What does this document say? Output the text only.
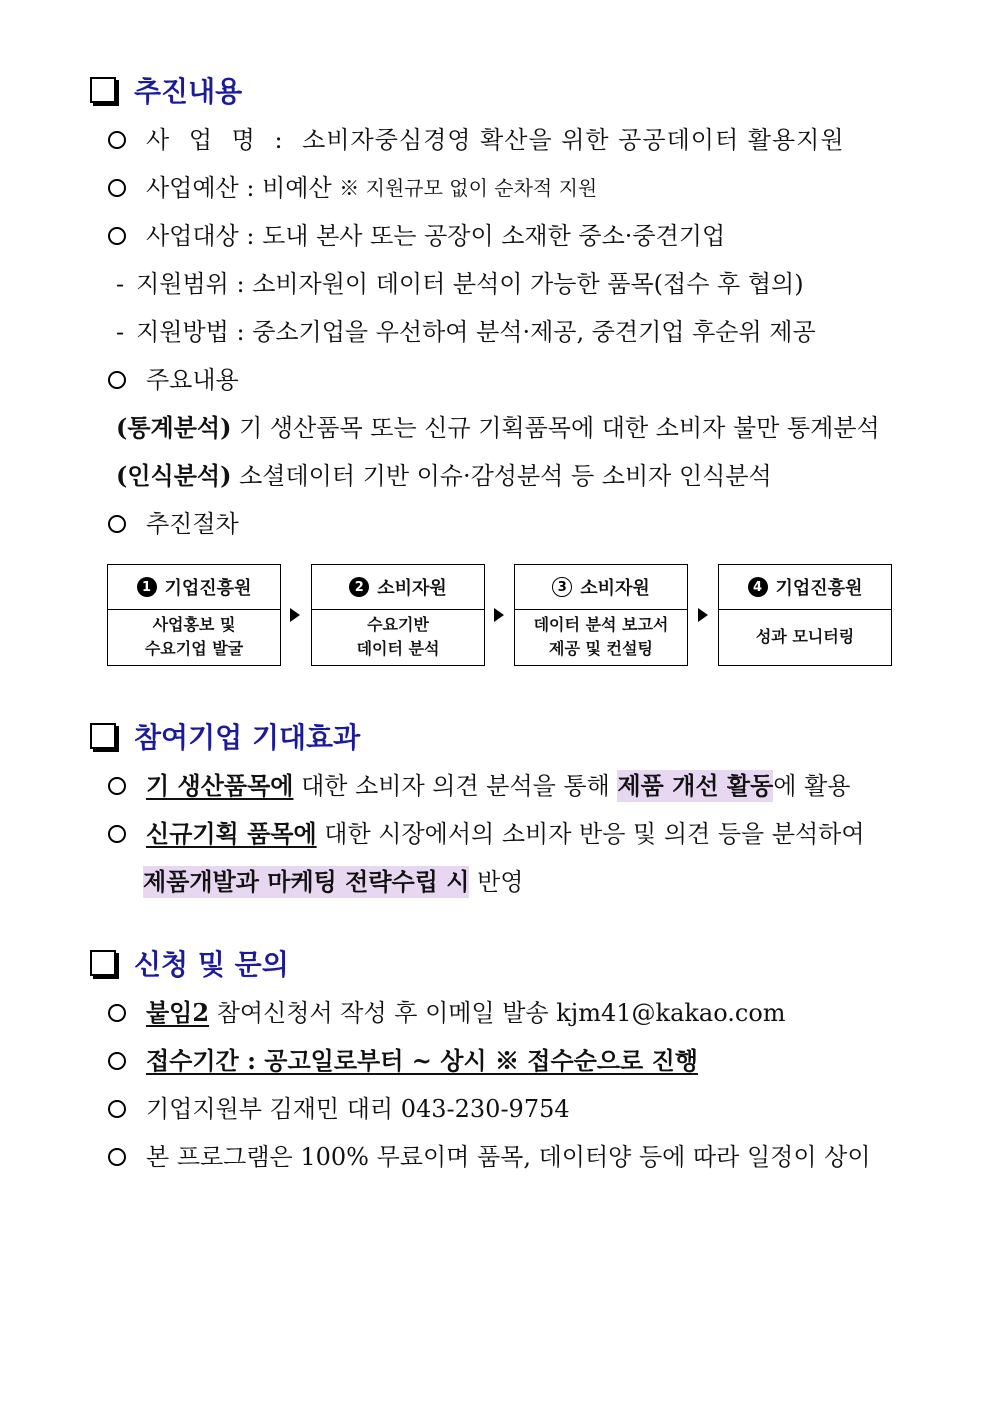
추진내용
사 업 명 : 소비자중심경영 확산을 위한 공공데이터 활용지원
사업예산 : 비예산 ※ 지원규모 없이 순차적 지원
사업대상 : 도내 본사 또는 공장이 소재한 중소·중견기업
- 지원범위 : 소비자원이 데이터 분석이 가능한 품목(접수 후 협의)
- 지원방법 : 중소기업을 우선하여 분석·제공, 중견기업 후순위 제공
주요내용
(통계분석) 기 생산품목 또는 신규 기획품목에 대한 소비자 불만 통계분석
(인식분석) 소셜데이터 기반 이슈·감성분석 등 소비자 인식분석
추진절차
1 기업진흥원
사업홍보 및
수요기업 발굴
2 소비자원
수요기반
데이터 분석
3 소비자원
데이터 분석 보고서
제공 및 컨설팅
4 기업진흥원
성과 모니터링
참여기업 기대효과
기 생산품목에 대한 소비자 의견 분석을 통해 제품 개선 활동 에 활용
신규기획 품목에 대한 시장에서의 소비자 반응 및 의견 등을 분석하여
제품개발과 마케팅 전략수립 시 반영
신청 및 문의
붙임2 참여신청서 작성 후 이메일 발송 kjm41@kakao.com
접수기간 : 공고일로부터 ~ 상시 ※ 접수순으로 진행
기업지원부 김재민 대리 043-230-9754
본 프로그램은 100% 무료이며 품목, 데이터양 등에 따라 일정이 상이
